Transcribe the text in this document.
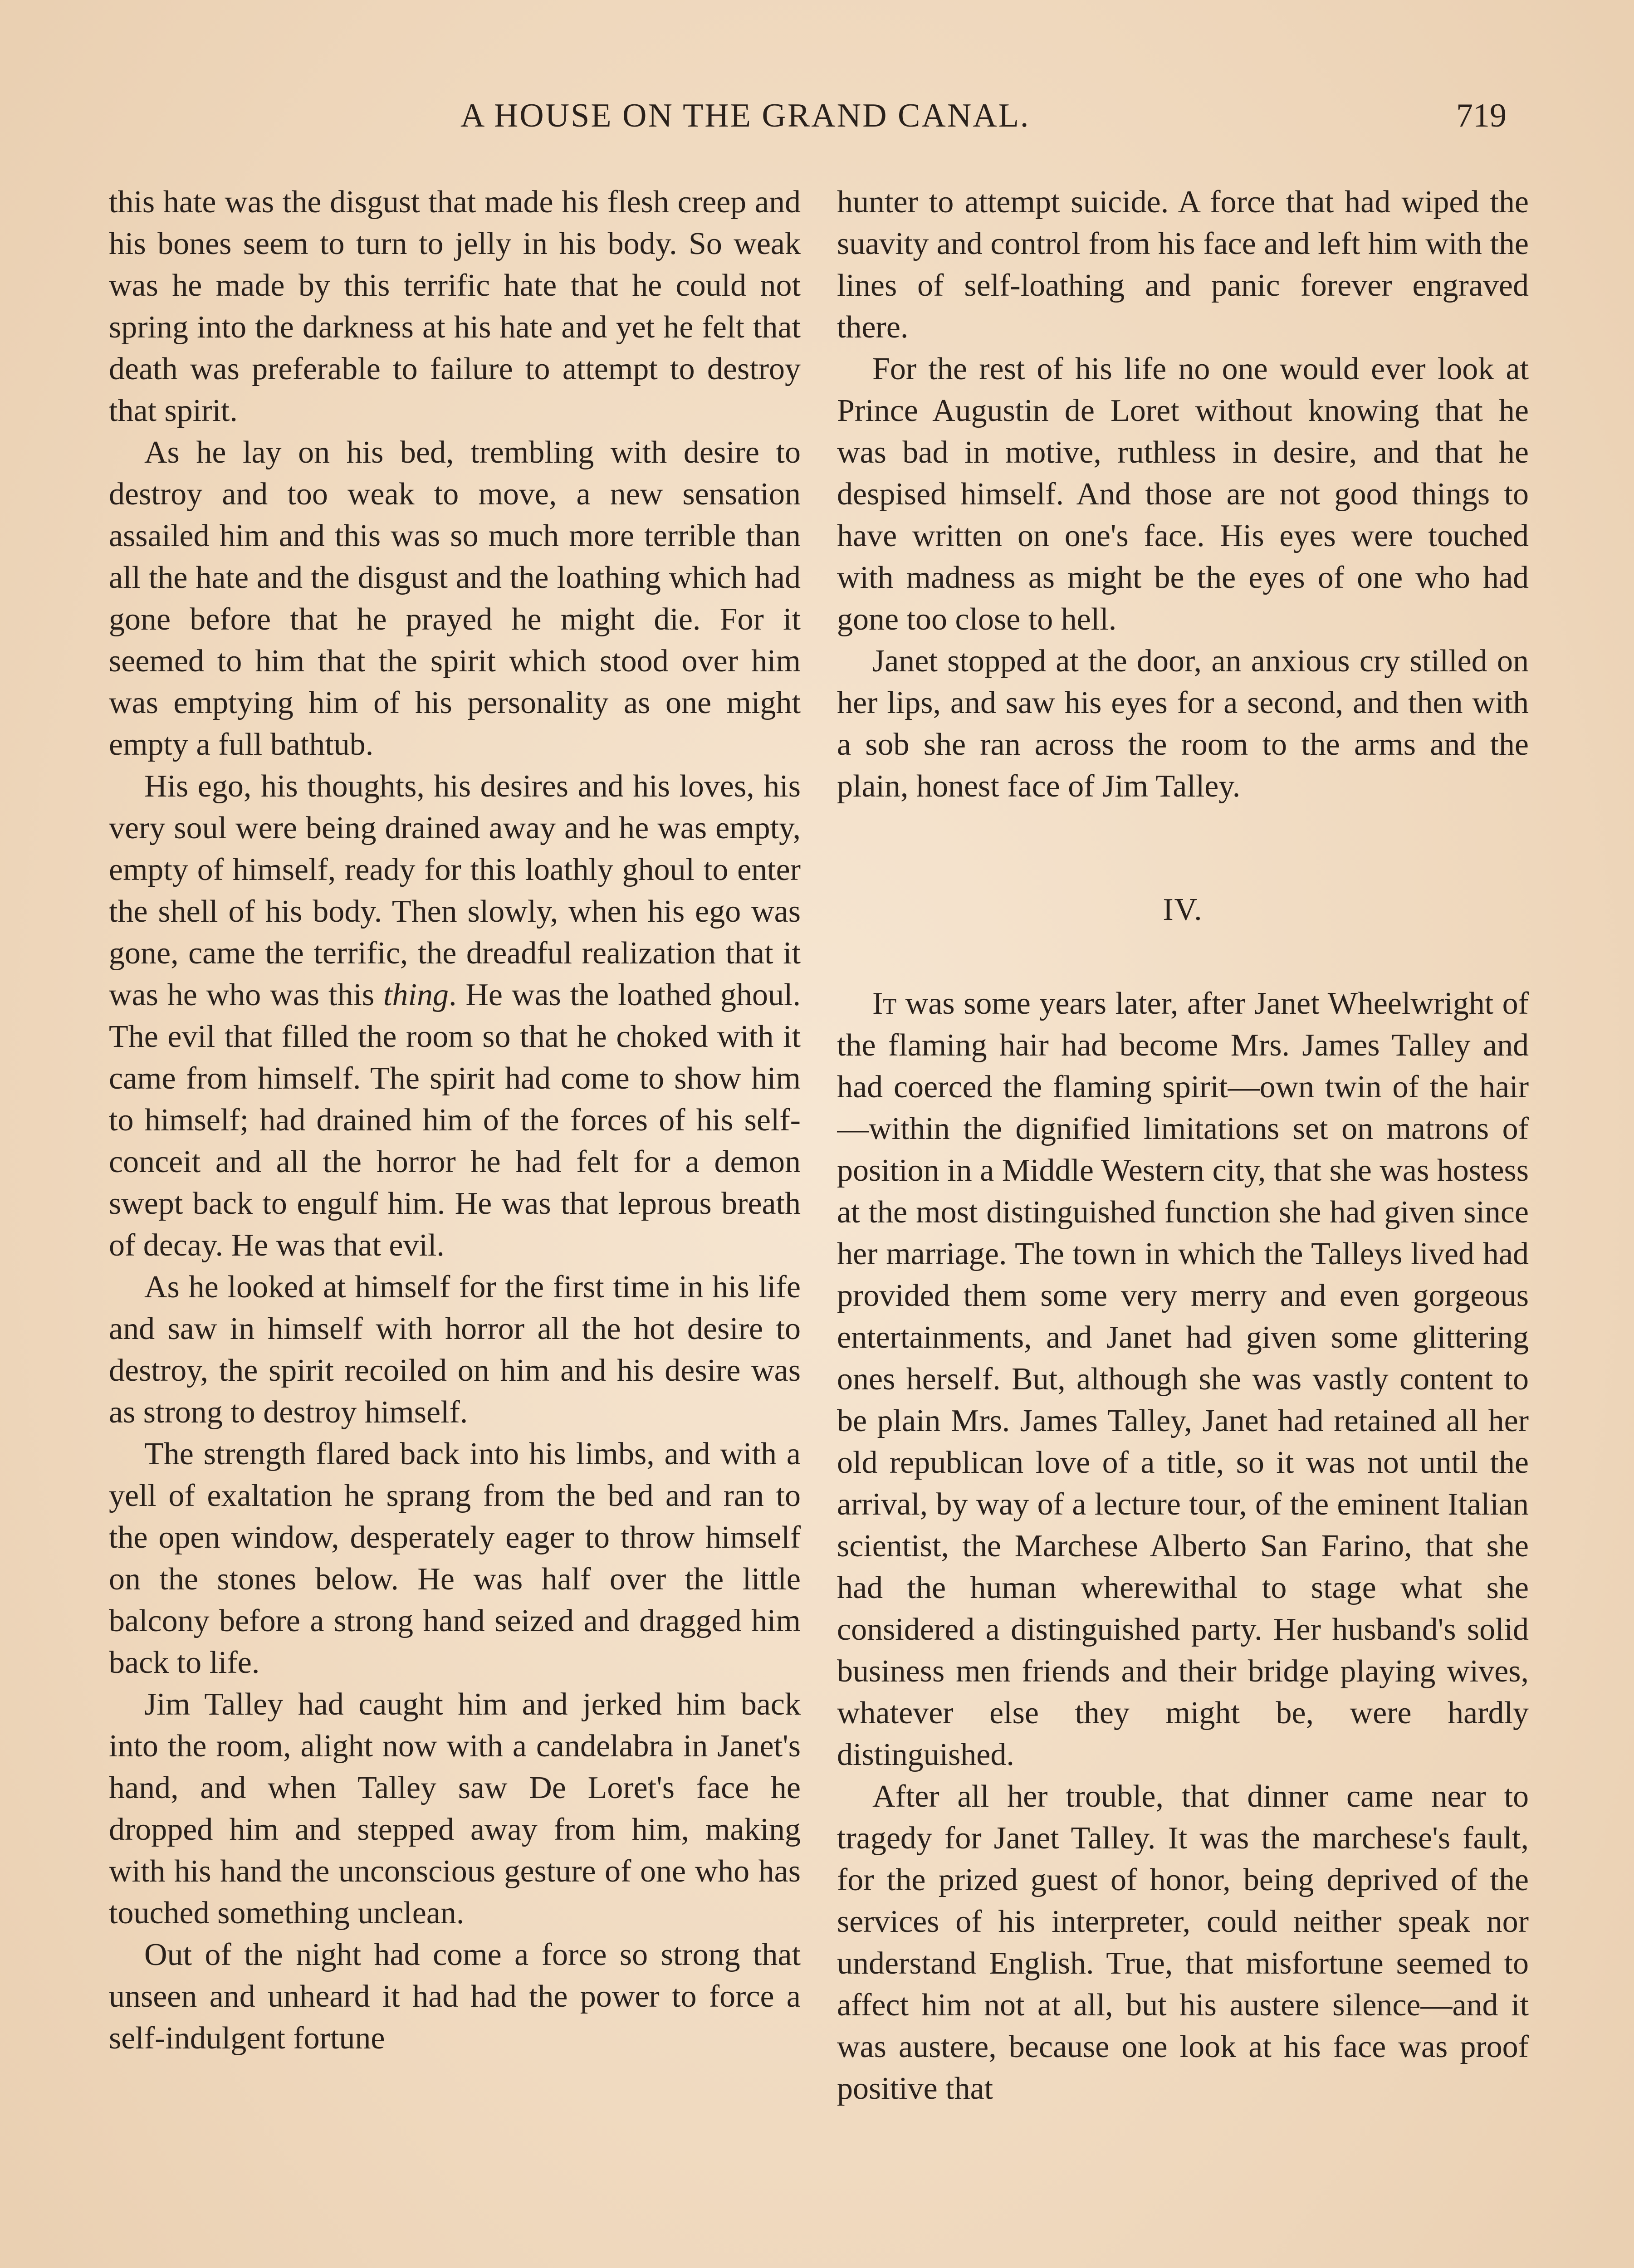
A HOUSE ON THE GRAND CANAL.	719

this hate was the disgust that made his flesh creep and his bones seem to turn to jelly in his body. So weak was he made by this terrific hate that he could not spring into the darkness at his hate and yet he felt that death was preferable to failure to attempt to destroy that spirit.

As he lay on his bed, trembling with desire to destroy and too weak to move, a new sensation assailed him and this was so much more terrible than all the hate and the disgust and the loathing which had gone before that he prayed he might die. For it seemed to him that the spirit which stood over him was emptying him of his personality as one might empty a full bathtub.

His ego, his thoughts, his desires and his loves, his very soul were being drained away and he was empty, empty of himself, ready for this loathly ghoul to enter the shell of his body. Then slowly, when his ego was gone, came the terrific, the dreadful realization that it was he who was this thing. He was the loathed ghoul. The evil that filled the room so that he choked with it came from himself. The spirit had come to show him to himself; had drained him of the forces of his self-conceit and all the horror he had felt for a demon swept back to engulf him. He was that leprous breath of decay. He was that evil.

As he looked at himself for the first time in his life and saw in himself with horror all the hot desire to destroy, the spirit recoiled on him and his desire was as strong to destroy himself.

The strength flared back into his limbs, and with a yell of exaltation he sprang from the bed and ran to the open window, desperately eager to throw himself on the stones below. He was half over the little balcony before a strong hand seized and dragged him back to life.

Jim Talley had caught him and jerked him back into the room, alight now with a candelabra in Janet's hand, and when Talley saw De Loret's face he dropped him and stepped away from him, making with his hand the unconscious gesture of one who has touched something unclean.

Out of the night had come a force so strong that unseen and unheard it had had the power to force a self-indulgent fortune

hunter to attempt suicide. A force that had wiped the suavity and control from his face and left him with the lines of self-loathing and panic forever engraved there.

For the rest of his life no one would ever look at Prince Augustin de Loret without knowing that he was bad in motive, ruthless in desire, and that he despised himself. And those are not good things to have written on one's face. His eyes were touched with madness as might be the eyes of one who had gone too close to hell.

Janet stopped at the door, an anxious cry stilled on her lips, and saw his eyes for a second, and then with a sob she ran across the room to the arms and the plain, honest face of Jim Talley.

IV.

It was some years later, after Janet Wheelwright of the flaming hair had become Mrs. James Talley and had coerced the flaming spirit—own twin of the hair—within the dignified limitations set on matrons of position in a Middle Western city, that she was hostess at the most distinguished function she had given since her marriage. The town in which the Talleys lived had provided them some very merry and even gorgeous entertainments, and Janet had given some glittering ones herself. But, although she was vastly content to be plain Mrs. James Talley, Janet had retained all her old republican love of a title, so it was not until the arrival, by way of a lecture tour, of the eminent Italian scientist, the Marchese Alberto San Farino, that she had the human wherewithal to stage what she considered a distinguished party. Her husband's solid business men friends and their bridge playing wives, whatever else they might be, were hardly distinguished.

After all her trouble, that dinner came near to tragedy for Janet Talley. It was the marchese's fault, for the prized guest of honor, being deprived of the services of his interpreter, could neither speak nor understand English. True, that misfortune seemed to affect him not at all, but his austere silence—and it was austere, because one look at his face was proof positive that
